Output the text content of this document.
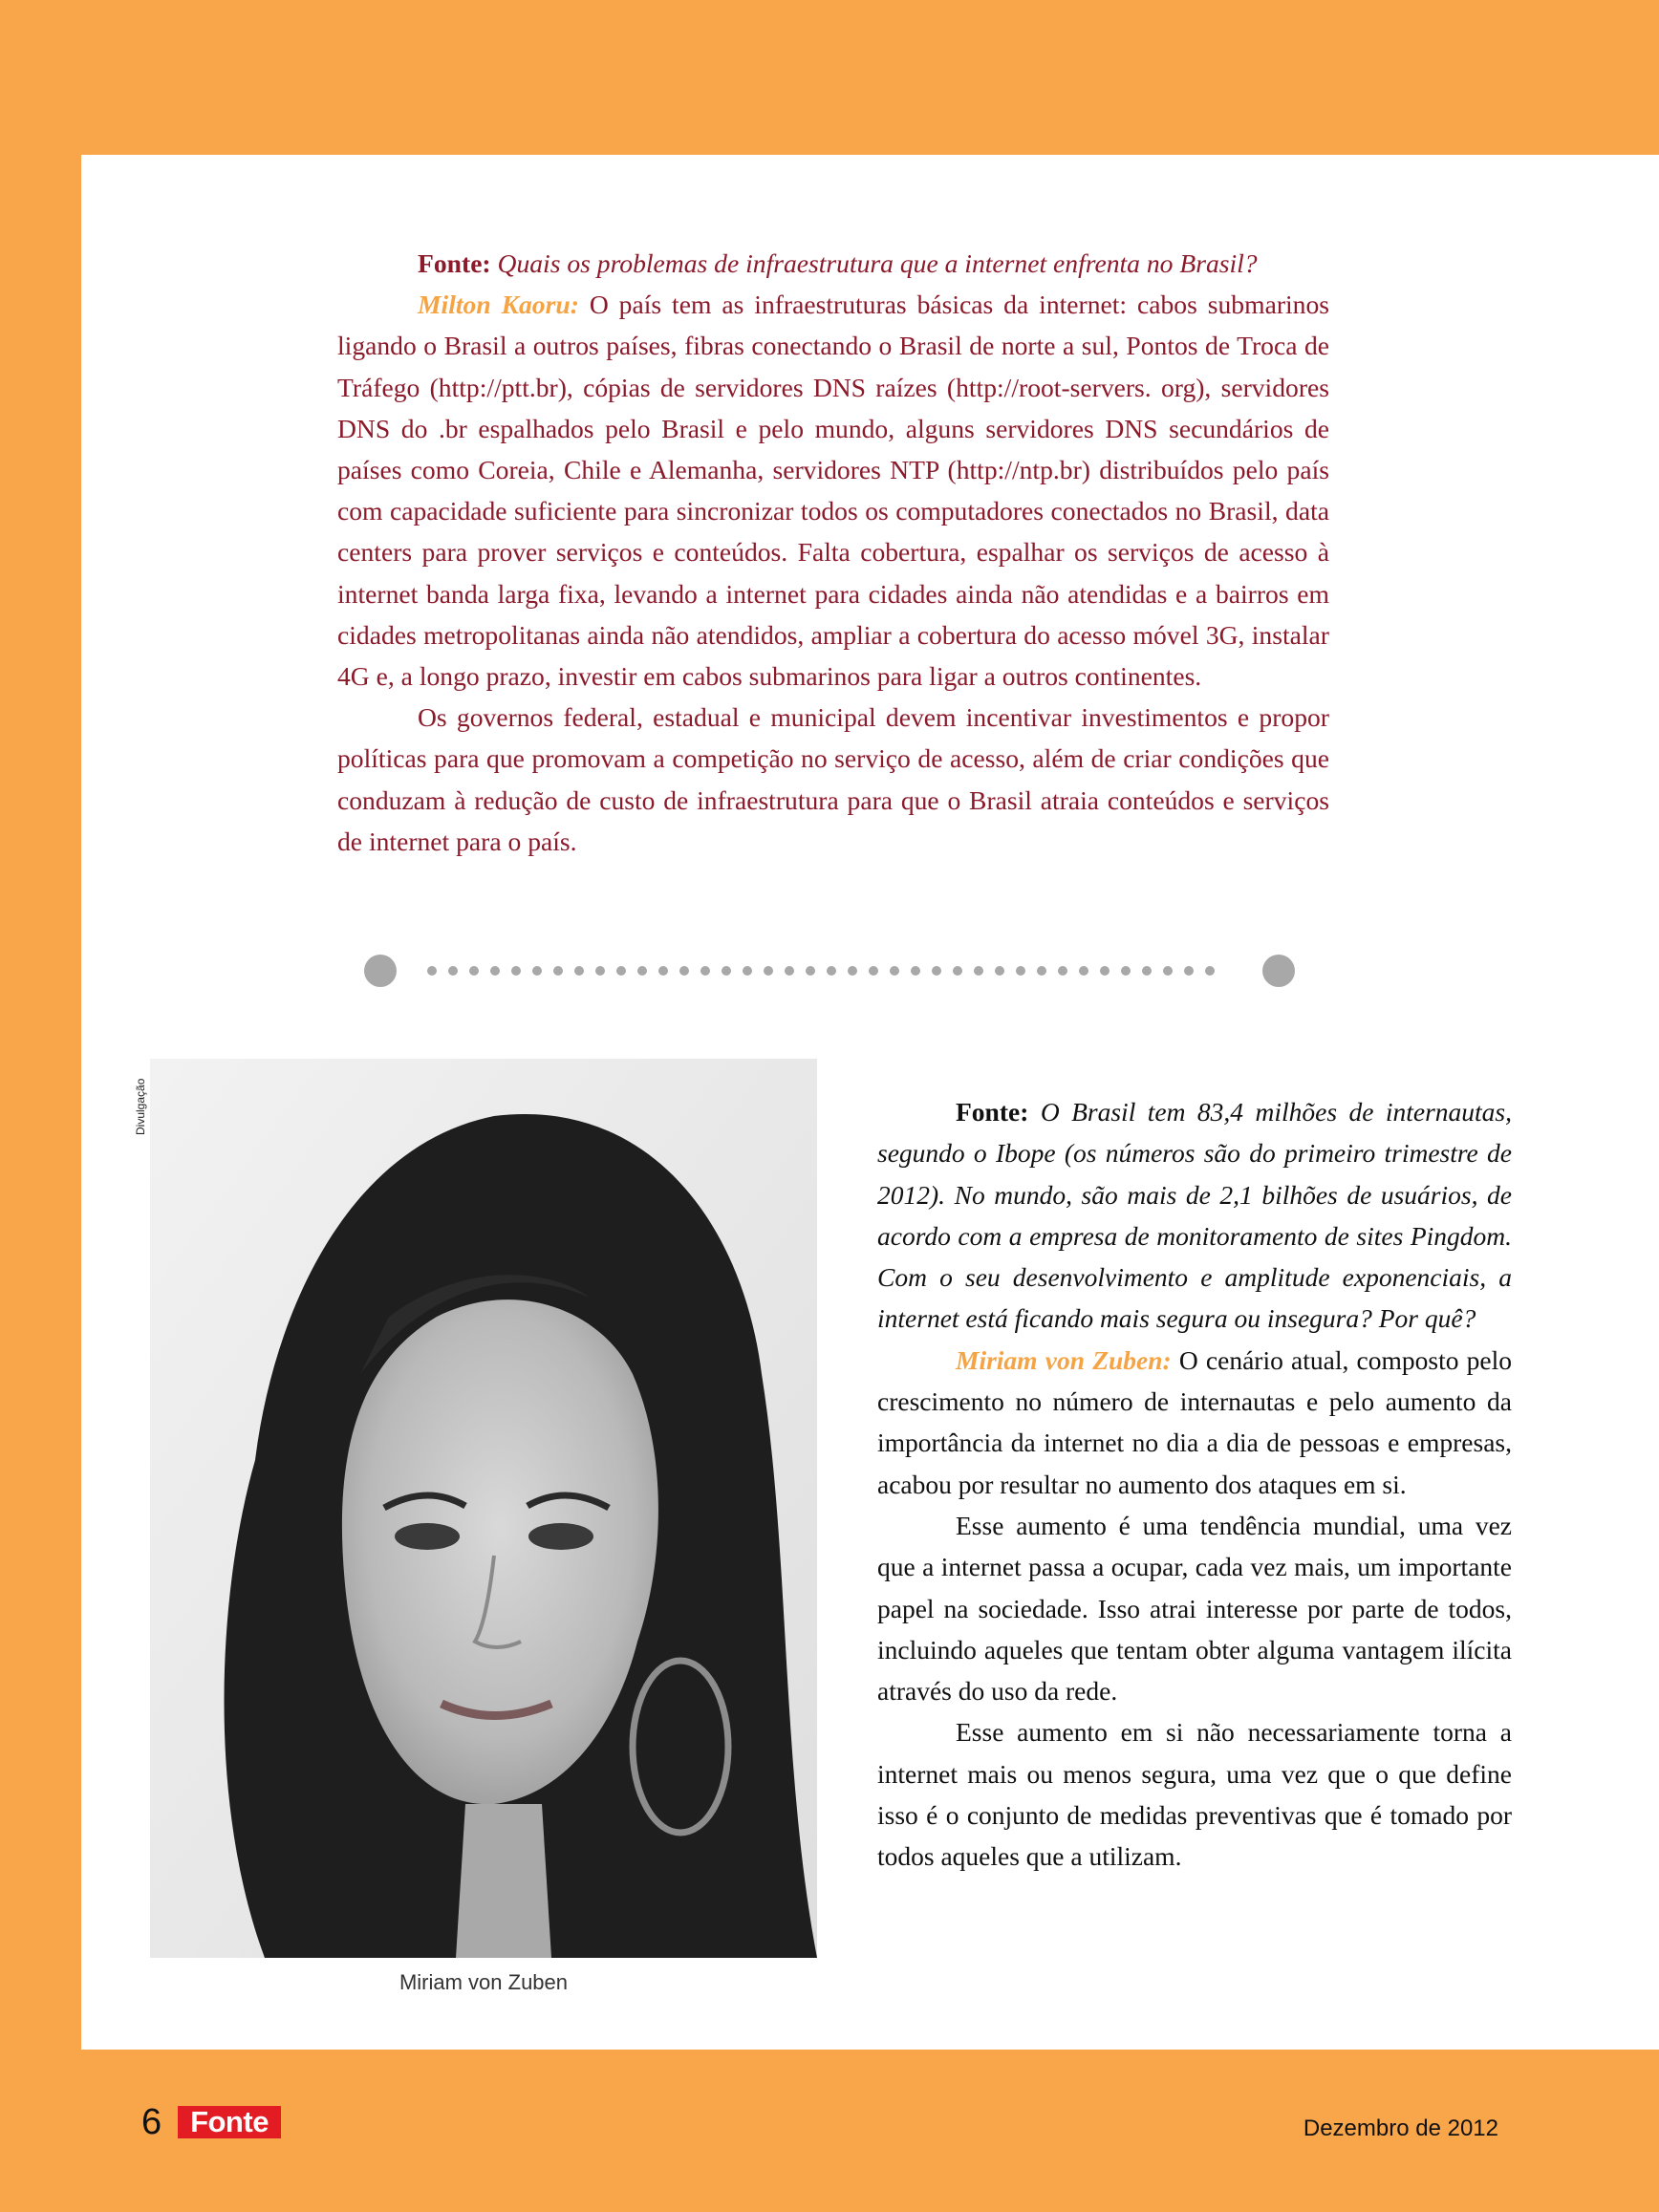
Fonte: Quais os problemas de infraestrutura que a internet enfrenta no Brasil?

Milton Kaoru: O país tem as infraestruturas básicas da internet: cabos submarinos ligando o Brasil a outros países, fibras conectando o Brasil de norte a sul, Pontos de Troca de Tráfego (http://ptt.br), cópias de servidores DNS raízes (http://root-servers. org), servidores DNS do .br espalhados pelo Brasil e pelo mundo, alguns servidores DNS secundários de países como Coreia, Chile e Alemanha, servidores NTP (http://ntp.br) distribuídos pelo país com capacidade suficiente para sincronizar todos os computadores conectados no Brasil, data centers para prover serviços e conteúdos. Falta cobertura, espalhar os serviços de acesso à internet banda larga fixa, levando a internet para cidades ainda não atendidas e a bairros em cidades metropolitanas ainda não atendidos, ampliar a cobertura do acesso móvel 3G, instalar 4G e, a longo prazo, investir em cabos submarinos para ligar a outros continentes.

Os governos federal, estadual e municipal devem incentivar investimentos e propor políticas para que promovam a competição no serviço de acesso, além de criar condições que conduzam à redução de custo de infraestrutura para que o Brasil atraia conteúdos e serviços de internet para o país.

Divulgação
Miriam von Zuben

Fonte: O Brasil tem 83,4 milhões de internautas, segundo o Ibope (os números são do primeiro trimestre de 2012). No mundo, são mais de 2,1 bilhões de usuários, de acordo com a empresa de monitoramento de sites Pingdom. Com o seu desenvolvimento e amplitude exponenciais, a internet está ficando mais segura ou insegura? Por quê?

Miriam von Zuben: O cenário atual, composto pelo crescimento no número de internautas e pelo aumento da importância da internet no dia a dia de pessoas e empresas, acabou por resultar no aumento dos ataques em si.

Esse aumento é uma tendência mundial, uma vez que a internet passa a ocupar, cada vez mais, um importante papel na sociedade. Isso atrai interesse por parte de todos, incluindo aqueles que tentam obter alguma vantagem ilícita através do uso da rede.

Esse aumento em si não necessariamente torna a internet mais ou menos segura, uma vez que o que define isso é o conjunto de medidas preventivas que é tomado por todos aqueles que a utilizam.

6 Fonte	Dezembro de 2012
